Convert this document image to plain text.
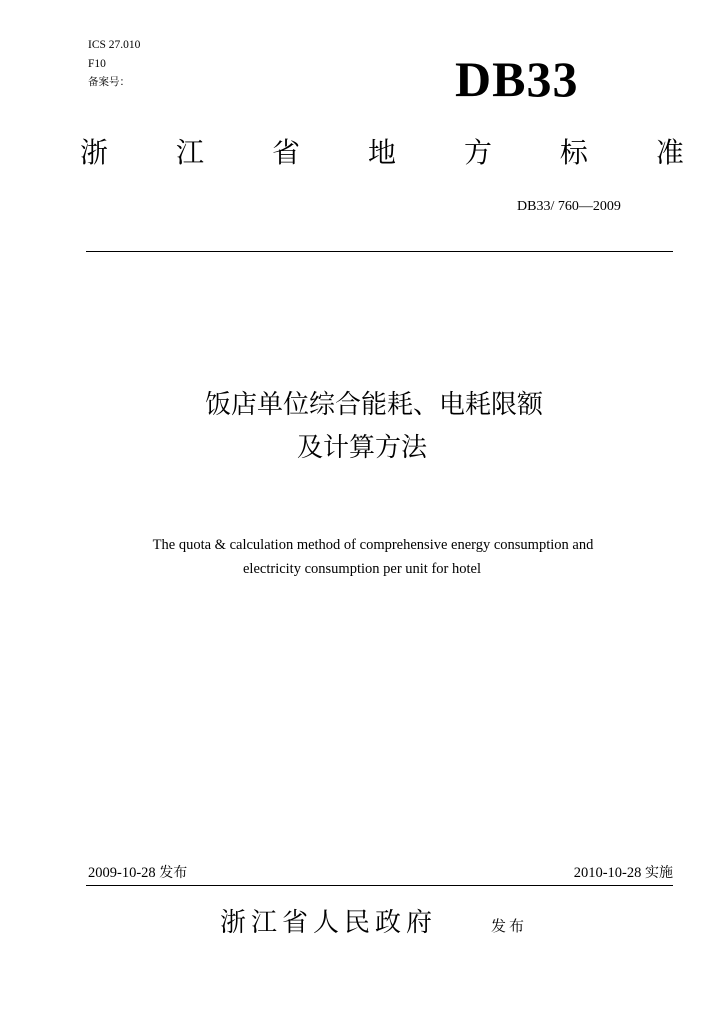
ICS 27.010
F10
备案号：	DB33
浙 江 省 地 方 标 准
DB33/ 760—2009
饭店单位综合能耗、电耗限额
及计算方法
The quota & calculation method of comprehensive energy consumption and
electricity consumption per unit for hotel
2009-10-28 发布	2010-10-28 实施
浙江省人民政府	发布
